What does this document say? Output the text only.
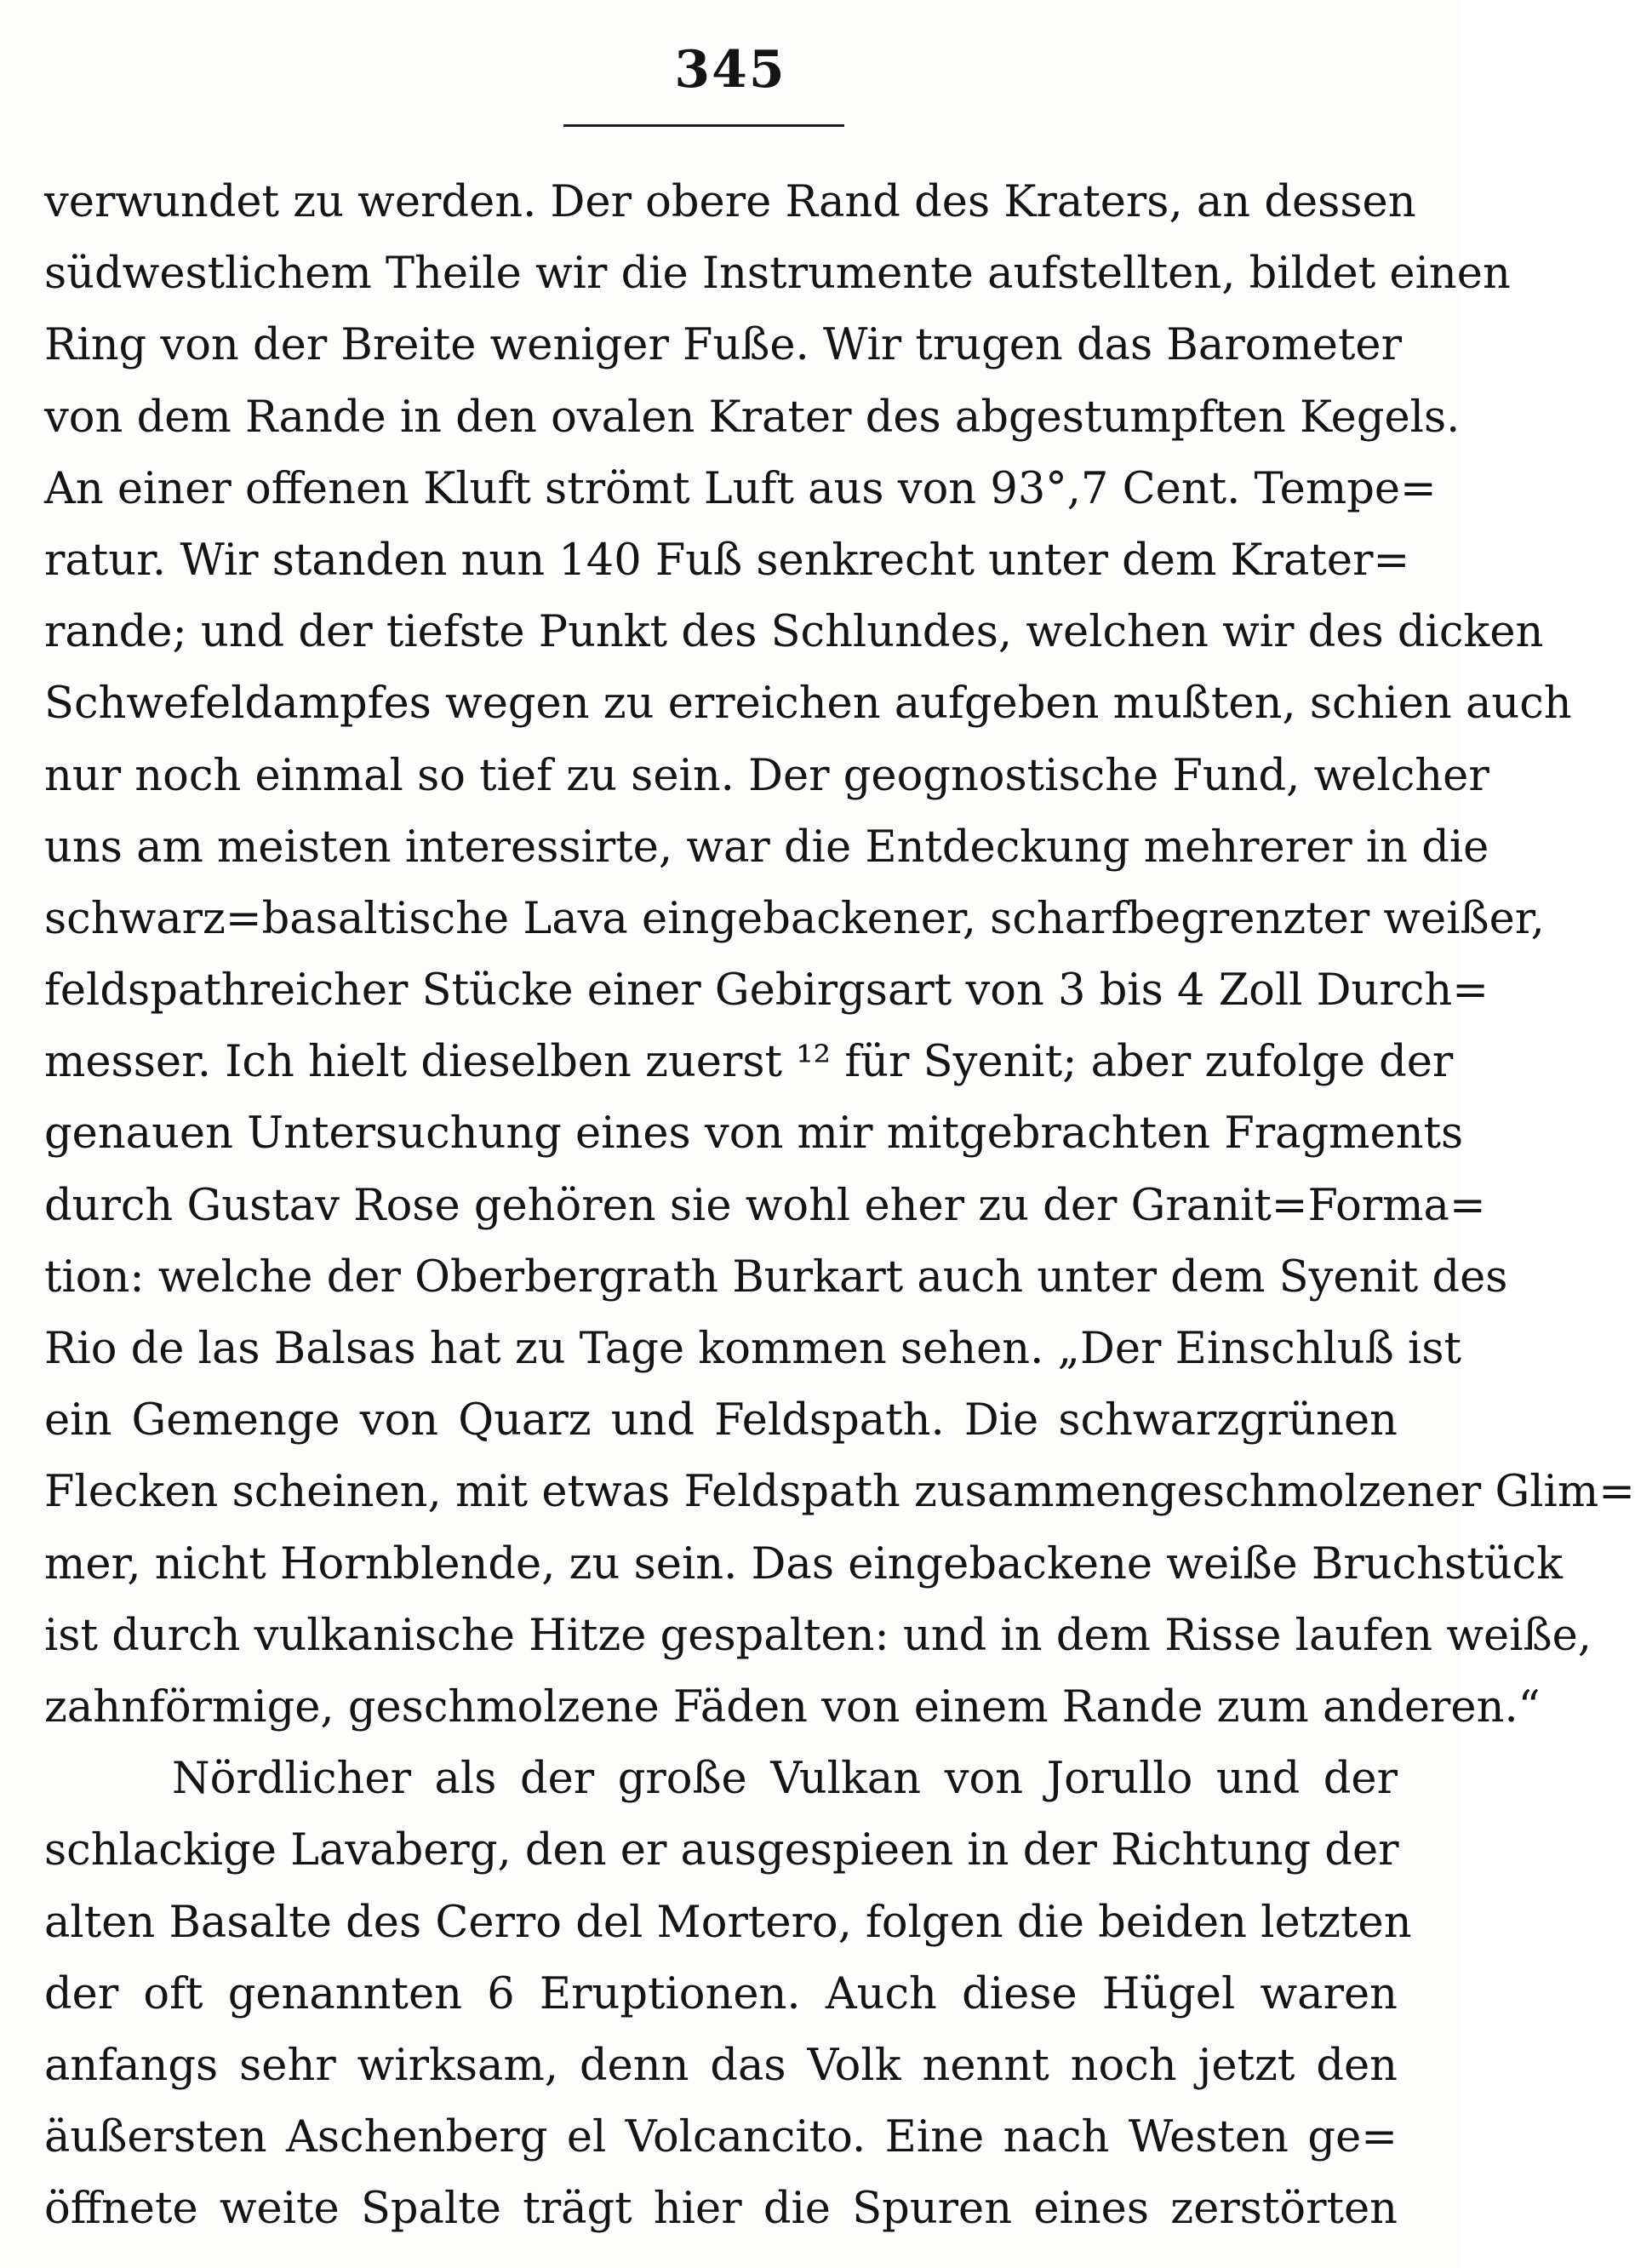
345
verwundet zu werden. Der obere Rand des Kraters, an dessen
südwestlichem Theile wir die Instrumente aufstellten, bildet einen
Ring von der Breite weniger Fuße. Wir trugen das Barometer
von dem Rande in den ovalen Krater des abgestumpften Kegels.
An einer offenen Kluft strömt Luft aus von 93°,7 Cent. Tempe=
ratur. Wir standen nun 140 Fuß senkrecht unter dem Krater=
rande; und der tiefste Punkt des Schlundes, welchen wir des dicken
Schwefeldampfes wegen zu erreichen aufgeben mußten, schien auch
nur noch einmal so tief zu sein. Der geognostische Fund, welcher
uns am meisten interessirte, war die Entdeckung mehrerer in die
schwarz=basaltische Lava eingebackener, scharfbegrenzter weißer,
feldspathreicher Stücke einer Gebirgsart von 3 bis 4 Zoll Durch=
messer. Ich hielt dieselben zuerst ¹² für Syenit; aber zufolge der
genauen Untersuchung eines von mir mitgebrachten Fragments
durch Gustav Rose gehören sie wohl eher zu der Granit=Forma=
tion: welche der Oberbergrath Burkart auch unter dem Syenit des
Rio de las Balsas hat zu Tage kommen sehen. „Der Einschluß ist
ein Gemenge von Quarz und Feldspath. Die schwarzgrünen
Flecken scheinen, mit etwas Feldspath zusammengeschmolzener Glim=
mer, nicht Hornblende, zu sein. Das eingebackene weiße Bruchstück
ist durch vulkanische Hitze gespalten: und in dem Risse laufen weiße,
zahnförmige, geschmolzene Fäden von einem Rande zum anderen.“
Nördlicher als der große Vulkan von Jorullo und der
schlackige Lavaberg, den er ausgespieen in der Richtung der
alten Basalte des Cerro del Mortero, folgen die beiden letzten
der oft genannten 6 Eruptionen. Auch diese Hügel waren
anfangs sehr wirksam, denn das Volk nennt noch jetzt den
äußersten Aschenberg el Volcancito. Eine nach Westen ge=
öffnete weite Spalte trägt hier die Spuren eines zerstörten
